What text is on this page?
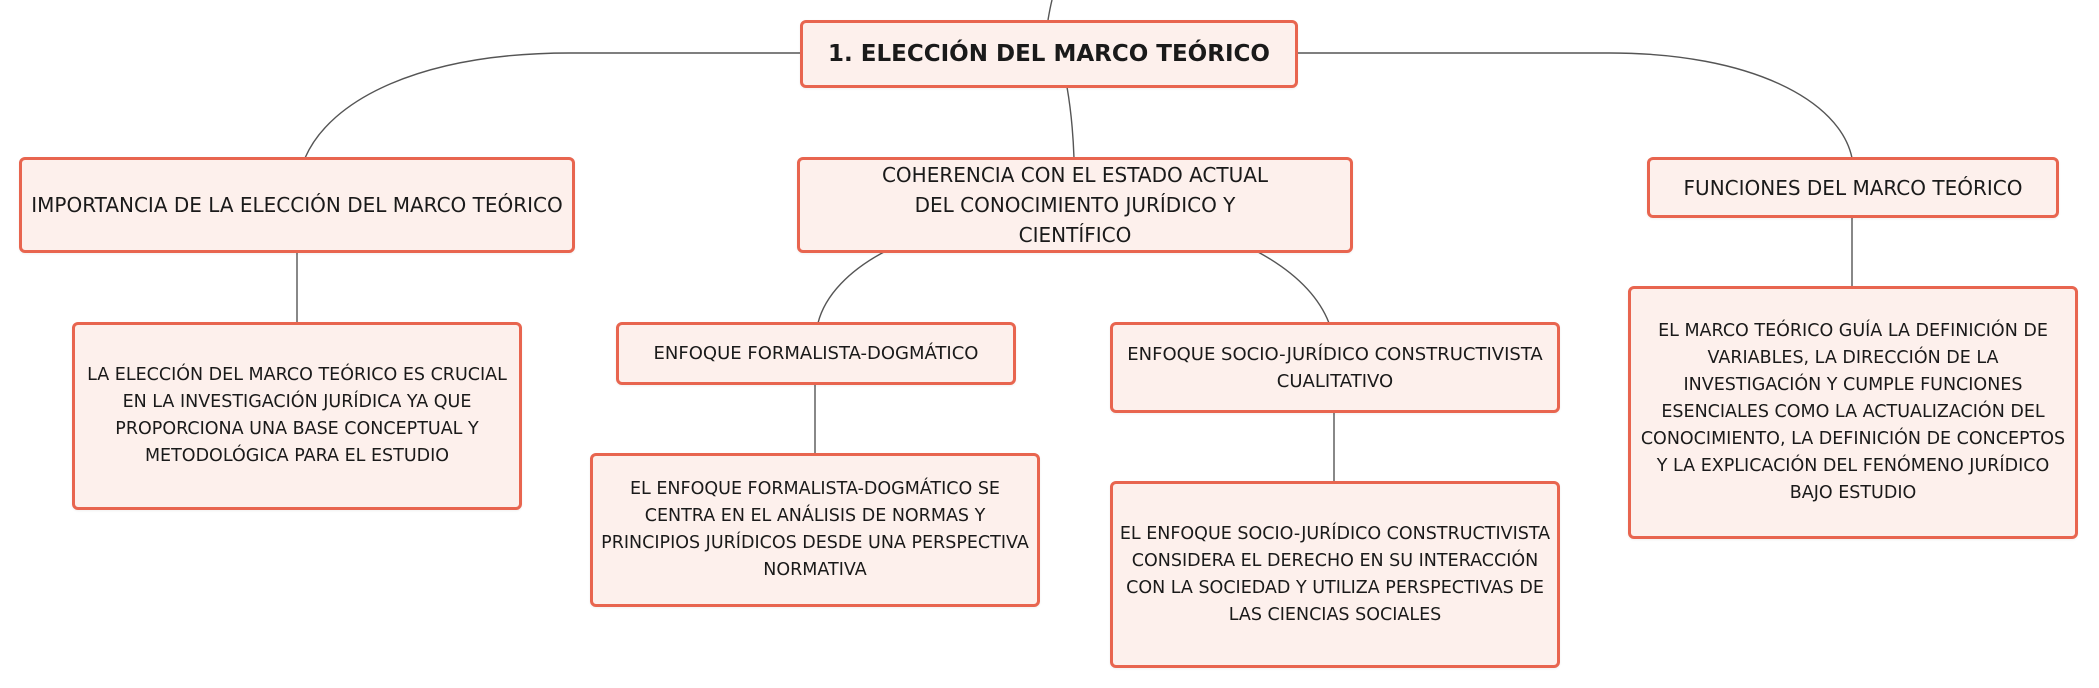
1. ELECCIÓN DEL MARCO TEÓRICO
IMPORTANCIA DE LA ELECCIÓN DEL MARCO TEÓRICO
COHERENCIA CON EL ESTADO ACTUAL DEL CONOCIMIENTO JURÍDICO Y CIENTÍFICO
FUNCIONES DEL MARCO TEÓRICO
LA ELECCIÓN DEL MARCO TEÓRICO ES CRUCIAL EN LA INVESTIGACIÓN JURÍDICA YA QUE PROPORCIONA UNA BASE CONCEPTUAL Y METODOLÓGICA PARA EL ESTUDIO
ENFOQUE FORMALISTA-DOGMÁTICO	ENFOQUE SOCIO-JURÍDICO CONSTRUCTIVISTA CUALITATIVO
EL ENFOQUE FORMALISTA-DOGMÁTICO SE CENTRA EN EL ANÁLISIS DE NORMAS Y PRINCIPIOS JURÍDICOS DESDE UNA PERSPECTIVA NORMATIVA
EL ENFOQUE SOCIO-JURÍDICO CONSTRUCTIVISTA CONSIDERA EL DERECHO EN SU INTERACCIÓN CON LA SOCIEDAD Y UTILIZA PERSPECTIVAS DE LAS CIENCIAS SOCIALES
EL MARCO TEÓRICO GUÍA LA DEFINICIÓN DE VARIABLES, LA DIRECCIÓN DE LA INVESTIGACIÓN Y CUMPLE FUNCIONES ESENCIALES COMO LA ACTUALIZACIÓN DEL CONOCIMIENTO, LA DEFINICIÓN DE CONCEPTOS Y LA EXPLICACIÓN DEL FENÓMENO JURÍDICO BAJO ESTUDIO
